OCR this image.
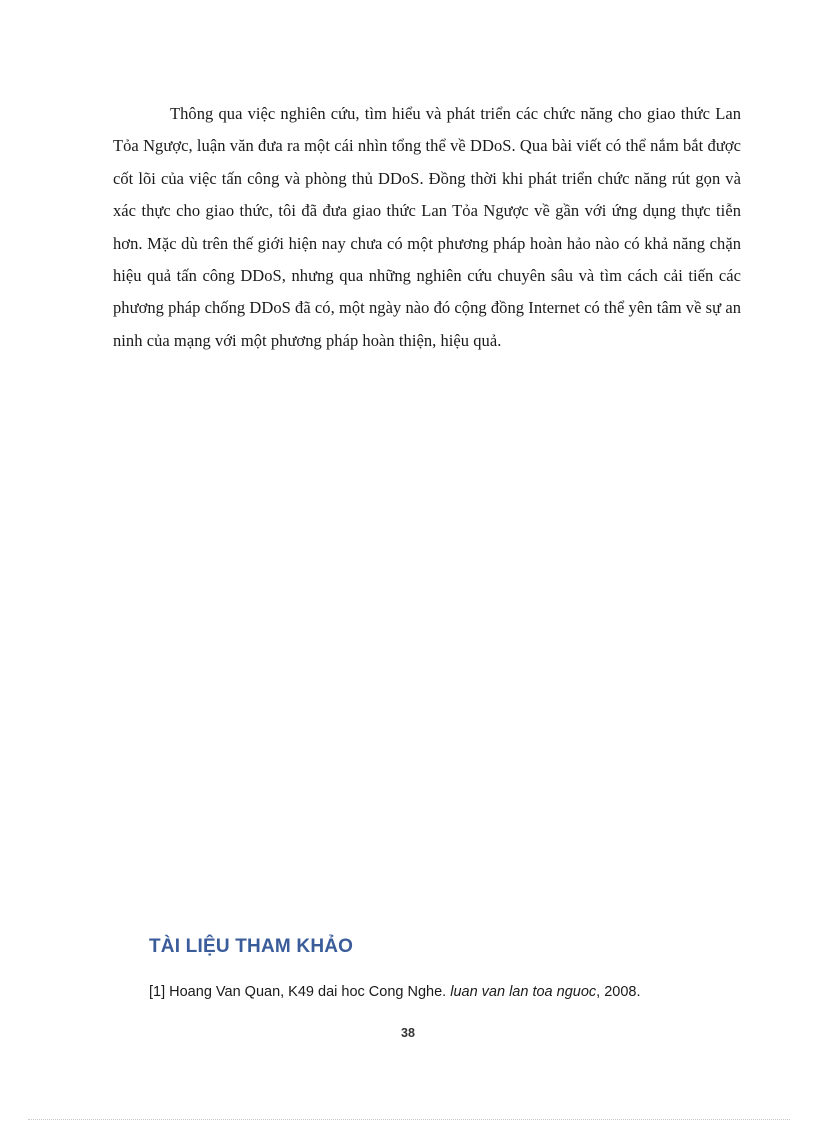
Thông qua việc nghiên cứu, tìm hiểu và phát triển các chức năng cho giao thức Lan Tỏa Ngược, luận văn đưa ra một cái nhìn tổng thể về DDoS. Qua bài viết có thể nắm bắt được cốt lõi của việc tấn công và phòng thủ DDoS. Đồng thời khi phát triển chức năng rút gọn và xác thực cho giao thức, tôi đã đưa giao thức Lan Tỏa Ngược về gần với ứng dụng thực tiễn hơn. Mặc dù trên thế giới hiện nay chưa có một phương pháp hoàn hảo nào có khả năng chặn hiệu quả tấn công DDoS, nhưng qua những nghiên cứu chuyên sâu và tìm cách cải tiến các phương pháp chống DDoS đã có, một ngày nào đó cộng đồng Internet có thể yên tâm về sự an ninh của mạng với một phương pháp hoàn thiện, hiệu quả.

TÀI LIỆU THAM KHẢO

[1] Hoang Van Quan, K49 dai hoc Cong Nghe. luan van lan toa nguoc, 2008.

38
